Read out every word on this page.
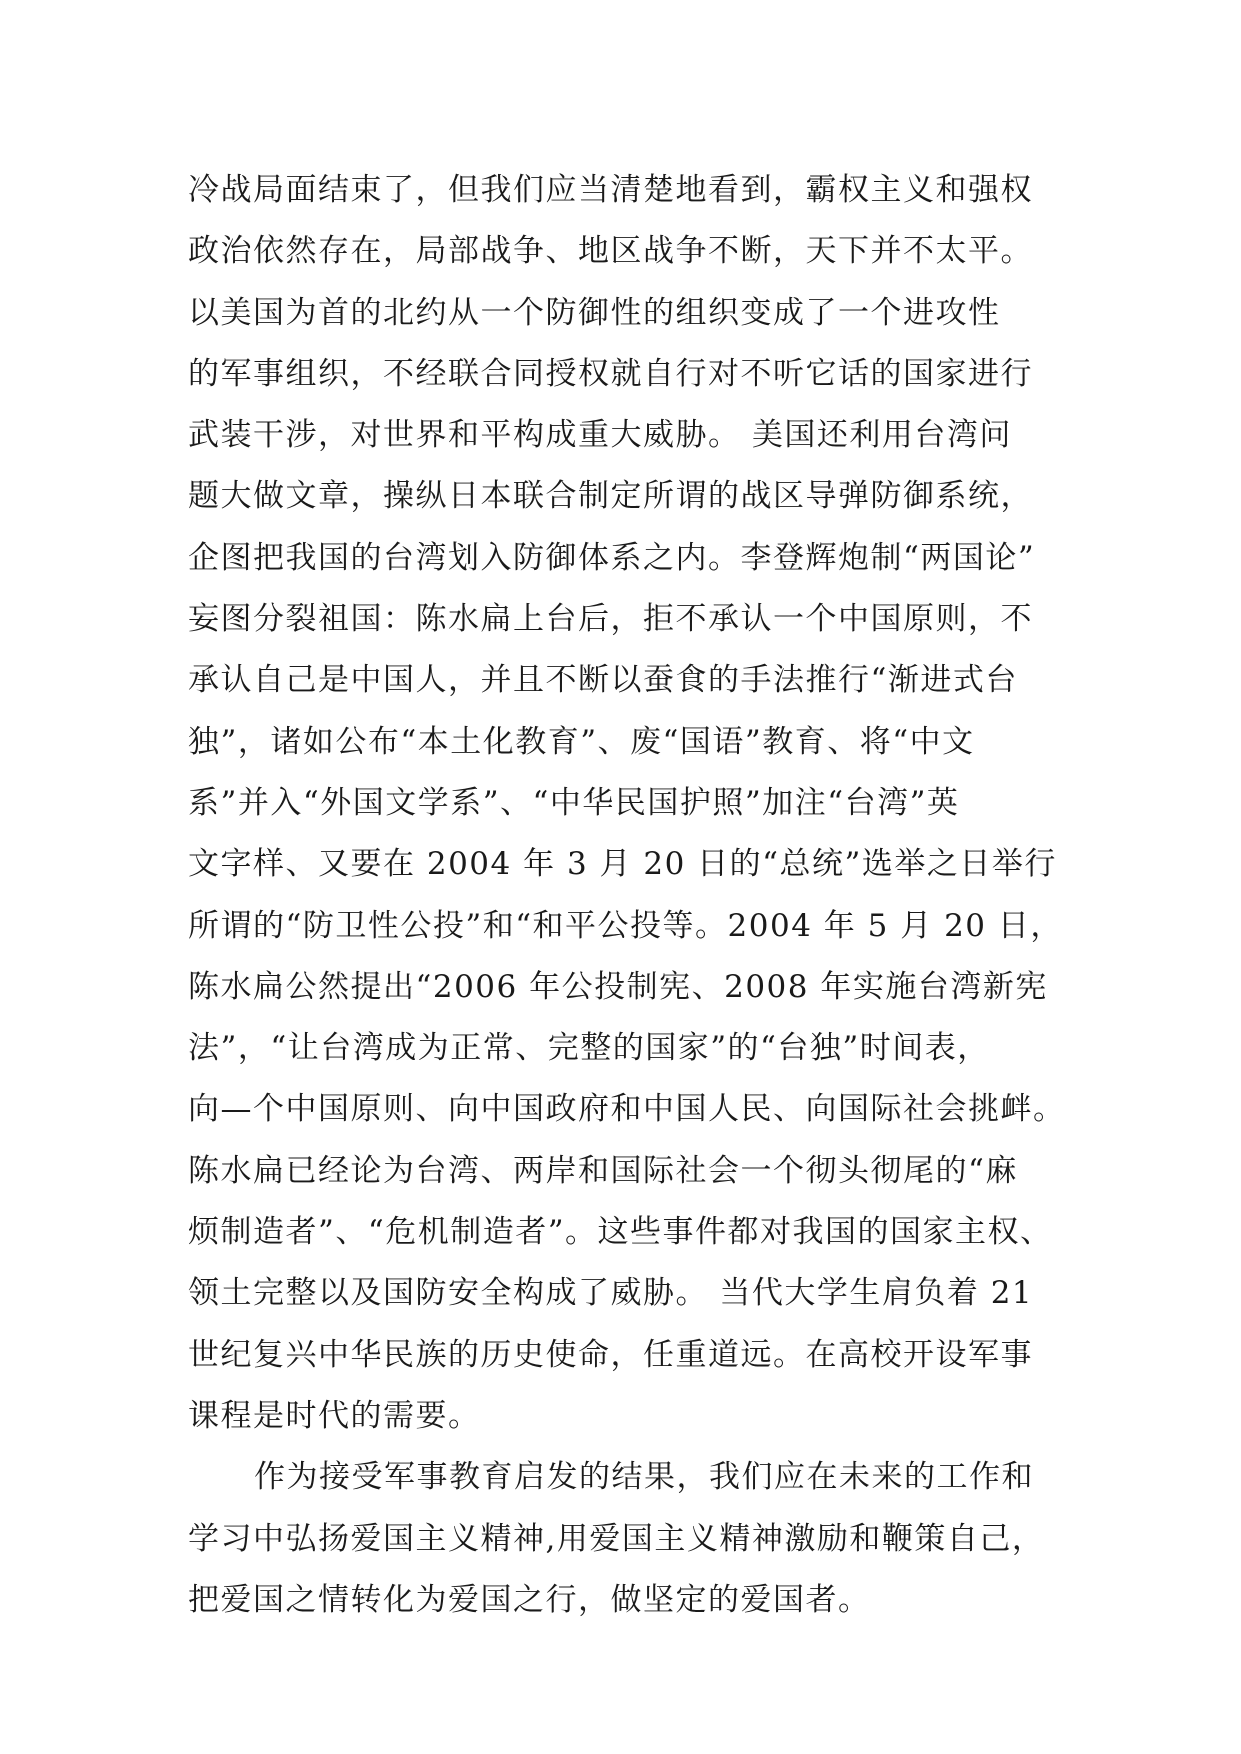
冷战局面结束了，但我们应当清楚地看到，霸权主义和强权
政治依然存在，局部战争、地区战争不断，天下并不太平。
以美国为首的北约从一个防御性的组织变成了一个进攻性
的军事组织，不经联合同授权就自行对不听它话的国家进行
武装干涉，对世界和平构成重大威胁。 美国还利用台湾问
题大做文章，操纵日本联合制定所谓的战区导弹防御系统，
企图把我国的台湾划入防御体系之内。李登辉炮制“两国论”
妄图分裂祖国：陈水扁上台后，拒不承认一个中国原则，不
承认自己是中国人，并且不断以蚕食的手法推行“渐进式台
独”，诸如公布“本土化教育”、废“国语”教育、将“中文
系”并入“外国文学系”、“中华民国护照”加注“台湾”英
文字样、又要在 2004 年 3 月 20 日的“总统”选举之日举行
所谓的“防卫性公投”和“和平公投等。2004 年 5 月 20 日，
陈水扁公然提出“2006 年公投制宪、2008 年实施台湾新宪
法”，“让台湾成为正常、完整的国家”的“台独”时间表，
向—个中国原则、向中国政府和中国人民、向国际社会挑衅。
陈水扁已经论为台湾、两岸和国际社会一个彻头彻尾的“麻
烦制造者”、“危机制造者”。这些事件都对我国的国家主权、
领土完整以及国防安全构成了威胁。 当代大学生肩负着 21
世纪复兴中华民族的历史使命，任重道远。在高校开设军事
课程是时代的需要。
作为接受军事教育启发的结果，我们应在未来的工作和
学习中弘扬爱国主义精神,用爱国主义精神激励和鞭策自己，
把爱国之情转化为爱国之行，做坚定的爱国者。
